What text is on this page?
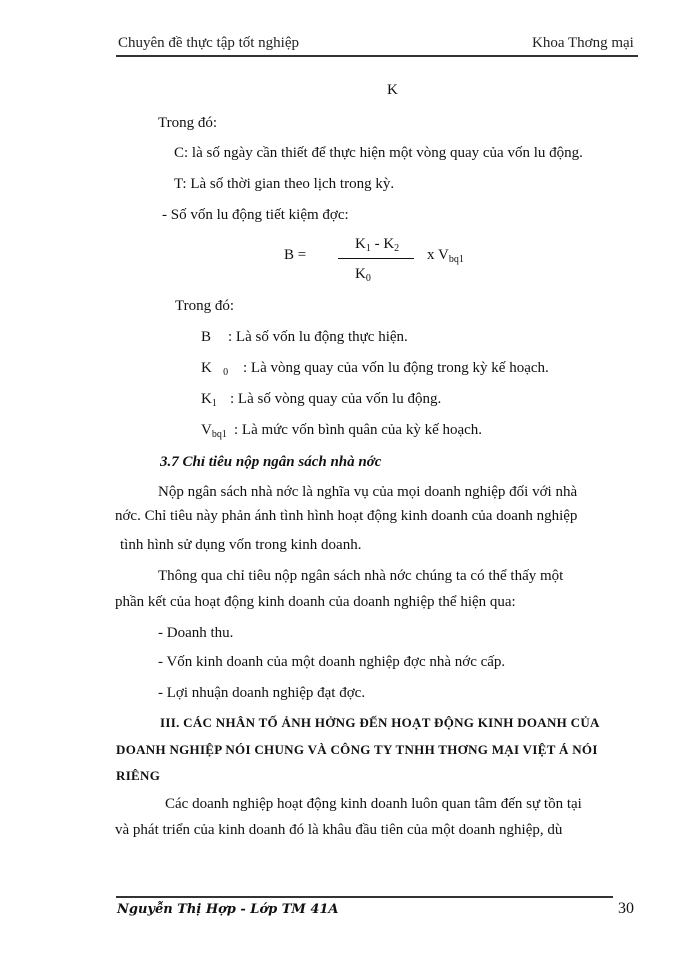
Chuyên đề thực tập tốt nghiệp	Khoa Thơng mại
K
Trong đó:
C: là số ngày cần thiết để thực hiện một vòng quay của vốn lu động.
T: Là số thời gian theo lịch trong kỳ.
- Số vốn lu động tiết kiệm đợc:
B =
$K_1 - K_2$
$K_0$
x $V_{bq1}$
Trong đó:
B : Là số vốn lu động thực hiện.
K $_0$ : Là vòng quay của vốn lu động trong kỳ kế hoạch.
$K_1$ : Là số vòng quay của vốn lu động.
$V_{bq1}$ : Là mức vốn bình quân của kỳ kế hoạch.
3.7 Chỉ tiêu nộp ngân sách nhà nớc
Nộp ngân sách nhà nớc là nghĩa vụ của mọi doanh nghiệp đối với nhà
nớc. Chỉ tiêu này phản ánh tình hình hoạt động kinh doanh của doanh nghiệp
tình hình sử dụng vốn trong kinh doanh.
Thông qua chỉ tiêu nộp ngân sách nhà nớc chúng ta có thể thấy một
phần kết của hoạt động kinh doanh của doanh nghiệp thể hiện qua:
- Doanh thu.
- Vốn kinh doanh của một doanh nghiệp đợc nhà nớc cấp.
- Lợi nhuận doanh nghiệp đạt đợc.
III. CÁC NHÂN TỐ ẢNH HỞNG ĐẾN HOẠT ĐỘNG KINH DOANH CỦA
DOANH NGHIỆP NÓI CHUNG VÀ CÔNG TY TNHH THƠNG MẠI VIỆT Á NÓI
RIÊNG
Các doanh nghiệp hoạt động kinh doanh luôn quan tâm đến sự tồn tại
và phát triển của kinh doanh đó là khâu đầu tiên của một doanh nghiệp, dù
Nguyễn Thị Hợp - Lớp TM 41A	30
